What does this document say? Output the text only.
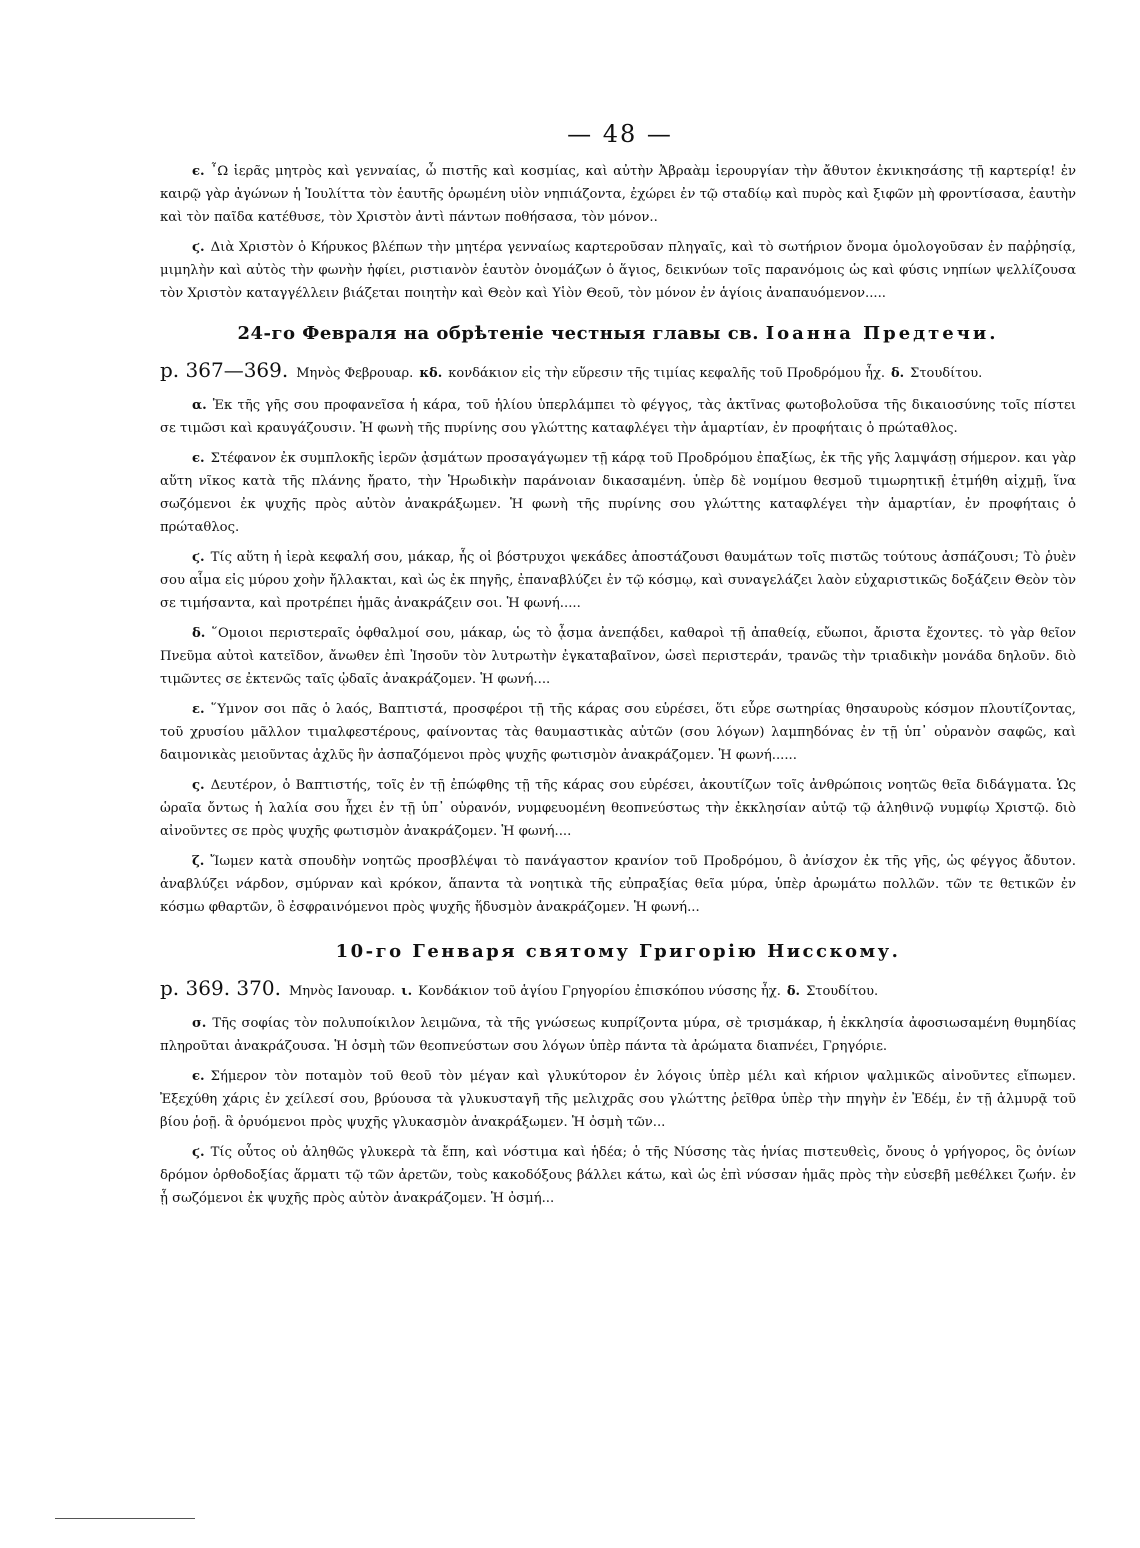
— 48 —

ϵ. ῏Ω ἱερᾶς μητρὸς καὶ γενναίας, ὦ πιστῆς καὶ κοσμίας, καὶ αὐτὴν Ἀβραὰμ ἱερουργίαν τὴν ἄθυτον ἐκνικησάσης τῇ καρτερίᾳ! ἐν καιρῷ γὰρ ἀγώνων ἡ Ἰουλίττα τὸν ἑαυτῆς ὁρωμένη υἱὸν νηπιάζοντα, ἐχώρει ἐν τῷ σταδίῳ καὶ πυρὸς καὶ ξιφῶν μὴ φροντίσασα, ἑαυτὴν καὶ τὸν παῖδα κατέθυσε, τὸν Χριστὸν ἀντὶ πάντων ποθήσασα, τὸν μόνον..

ϛ. Διὰ Χριστὸν ὁ Κήρυκος βλέπων τὴν μητέρα γενναίως καρτεροῦσαν πληγαῖς, καὶ τὸ σωτήριον ὄνομα ὁμολογοῦσαν ἐν παῤῥησίᾳ, μιμηλὴν καὶ αὐτὸς τὴν φωνὴν ἠφίει, ριστιανὸν ἑαυτὸν ὀνομάζων ὁ ἅγιος, δεικνύων τοῖς παρανόμοις ὡς καὶ φύσις νηπίων ψελλίζουσα τὸν Χριστὸν καταγγέλλειν βιάζεται ποιητὴν καὶ Θεὸν καὶ Υἱὸν Θεοῦ, τὸν μόνον ἐν ἁγίοις ἀναπαυόμενον.....

24-го Февраля на обрѣтеніе честныя главы св. Іоанна Предтечи.
р. 367—369. Μηνὸς Φεβρουαρ. κδ. κονδάκιον εἰς τὴν εὕρεσιν τῆς τιμίας κεφαλῆς τοῦ Προδρόμου ἦχ. δ. Στουδίτου.

α. Ἐκ τῆς γῆς σου προφανεῖσα ἡ κάρα, τοῦ ἡλίου ὑπερλάμπει τὸ φέγγος, τὰς ἀκτῖνας φωτοβολοῦσα τῆς δικαιοσύνης τοῖς πίστει σε τιμῶσι καὶ κραυγάζουσιν. Ἡ φωνὴ τῆς πυρίνης σου γλώττης καταφλέγει τὴν ἁμαρτίαν, ἐν προφήταις ὁ πρώταθλος.

ϵ. Στέφανον ἐκ συμπλοκῆς ἱερῶν ᾀσμάτων προσαγάγωμεν τῇ κάρᾳ τοῦ Προδρόμου ἐπαξίως, ἐκ τῆς γῆς λαμψάσῃ σήμερον. και γὰρ αὕτη νῖκος κατὰ τῆς πλάνης ἤρατο, τὴν Ἡρωδικὴν παράνοιαν δικασαμένη. ὑπὲρ δὲ νομίμου θεσμοῦ τιμωρητικῇ ἐτμήθη αἰχμῇ, ἵνα σωζόμενοι ἐκ ψυχῆς πρὸς αὐτὸν ἀνακράξωμεν. Ἡ φωνὴ τῆς πυρίνης σου γλώττης καταφλέγει τὴν ἁμαρτίαν, ἐν προφήταις ὁ πρώταθλος.

ϛ. Τίς αὕτη ἡ ἱερὰ κεφαλή σου, μάκαρ, ἧς οἱ βόστρυχοι ψεκάδες ἀποστάζουσι θαυμάτων τοῖς πιστῶς τούτους ἀσπάζουσι; Τὸ ῥυὲν σου αἷμα εἰς μύρου χοὴν ἤλλακται, καὶ ὡς ἐκ πηγῆς, ἐπαναβλύζει ἐν τῷ κόσμῳ, καὶ συναγελάζει λαὸν εὐχαριστικῶς δοξάζειν Θεὸν τὸν σε τιμήσαντα, καὶ προτρέπει ἡμᾶς ἀνακράζειν σοι. Ἡ φωνή.....

δ. ῞Ομοιοι περιστεραῖς ὀφθαλμοί σου, μάκαρ, ὡς τὸ ᾆσμα ἀνεπᾴδει, καθαροὶ τῇ ἀπαθείᾳ, εὔωποι, ἄριστα ἔχοντες. τὸ γὰρ θεῖον Πνεῦμα αὐτοὶ κατεῖδον, ἄνωθεν ἐπὶ Ἰησοῦν τὸν λυτρωτὴν ἐγκαταβαῖνον, ὡσεὶ περιστεράν, τρανῶς τὴν τριαδικὴν μονάδα δηλοῦν. διὸ τιμῶντες σε ἐκτενῶς ταῖς ᾠδαῖς ἀνακράζομεν. Ἡ φωνή....

ε. ῞Υμνον σοι πᾶς ὁ λαός, Βαπτιστά, προσφέροι τῇ τῆς κάρας σου εὑρέσει, ὅτι εὗρε σωτηρίας θησαυροὺς κόσμον πλουτίζοντας, τοῦ χρυσίου μᾶλλον τιμαλφεστέρους, φαίνοντας τὰς θαυμαστικὰς αὐτῶν (σου λόγων) λαμπηδόνας ἐν τῇ ὑπ᾿ οὐρανὸν σαφῶς, καὶ δαιμονικὰς μειοῦντας ἀχλῦς ἣν ἀσπαζόμενοι πρὸς ψυχῆς φωτισμὸν ἀνακράζομεν. Ἡ φωνή......

ς. Δευτέρον, ὁ Βαπτιστής, τοῖς ἐν τῇ ἐπώφθης τῇ τῆς κάρας σου εὑρέσει, ἀκουτίζων τοῖς ἀνθρώποις νοητῶς θεῖα διδάγματα. Ὡς ὡραῖα ὄντως ἡ λαλία σου ἦχει ἐν τῇ ὑπ᾿ οὐρανόν, νυμφευομένη θεοπνεύστως τὴν ἐκκλησίαν αὐτῷ τῷ ἀληθινῷ νυμφίῳ Χριστῷ. διὸ αἰνοῦντες σε πρὸς ψυχῆς φωτισμὸν ἀνακράζομεν. Ἡ φωνή....

ζ. Ἴωμεν κατὰ σπουδὴν νοητῶς προσβλέψαι τὸ πανάγαστον κρανίον τοῦ Προδρόμου, ὃ ἀνίσχον ἐκ τῆς γῆς, ὡς φέγγος ἄδυτον. ἀναβλύζει νάρδον, σμύρναν καὶ κρόκον, ἅπαντα τὰ νοητικὰ τῆς εὐπραξίας θεῖα μύρα, ὑπὲρ ἀρωμάτω πολλῶν. τῶν τε θετικῶν ἐν κόσμω φθαρτῶν, ὃ ἐσφραινόμενοι πρὸς ψυχῆς ἥδυσμὸν ἀνακράζομεν. Ἡ φωνή...

10-го Генваря святому Григорію Нисскому.
р. 369. 370. Μηνὸς Ιανουαρ. ι. Κονδάκιον τοῦ ἁγίου Γρηγορίου ἐπισκόπου νύσσης ἦχ. δ. Στουδίτου.

σ. Τῆς σοφίας τὸν πολυποίκιλον λειμῶνα, τὰ τῆς γνώσεως κυπρίζοντα μύρα, σὲ τρισμάκαρ, ἡ ἐκκλησία ἀφοσιωσαμένη θυμηδίας πληροῦται ἀνακράζουσα. Ἡ ὀσμὴ τῶν θεοπνεύστων σου λόγων ὑπὲρ πάντα τὰ ἀρώματα διαπνέει, Γρηγόριε.

ϵ. Σήμερον τὸν ποταμὸν τοῦ θεοῦ τὸν μέγαν καὶ γλυκύτορον ἐν λόγοις ὑπὲρ μέλι καὶ κήριον ψαλμικῶς αἰνοῦντες εἴπωμεν. Ἐξεχύθη χάρις ἐν χείλεσί σου, βρύουσα τὰ γλυκυσταγῆ τῆς μελιχρᾶς σου γλώττης ῥεῖθρα ὑπὲρ τὴν πηγὴν ἐν Ἐδέμ, ἐν τῇ ἁλμυρᾷ τοῦ βίου ῥοῇ. ἃ ὀρυόμενοι πρὸς ψυχῆς γλυκασμὸν ἀνακράξωμεν. Ἡ ὀσμὴ τῶν...

ϛ. Τίς οὗτος οὐ ἀληθῶς γλυκερὰ τὰ ἔπη, καὶ νόστιμα καὶ ἡδέα; ὁ τῆς Νύσσης τὰς ἡνίας πιστευθεὶς, ὄνους ὁ γρήγορος, ὃς ὀνίων δρόμον ὀρθοδοξίας ἅρματι τῷ τῶν ἀρετῶν, τοὺς κακοδόξους βάλλει κάτω, καὶ ὡς ἐπὶ νύσσαν ἡμᾶς πρὸς τὴν εὐσεβῆ μεθέλκει ζωήν. ἐν ᾗ σωζόμενοι ἐκ ψυχῆς πρὸς αὐτὸν ἀνακράζομεν. Ἡ ὀσμή...
